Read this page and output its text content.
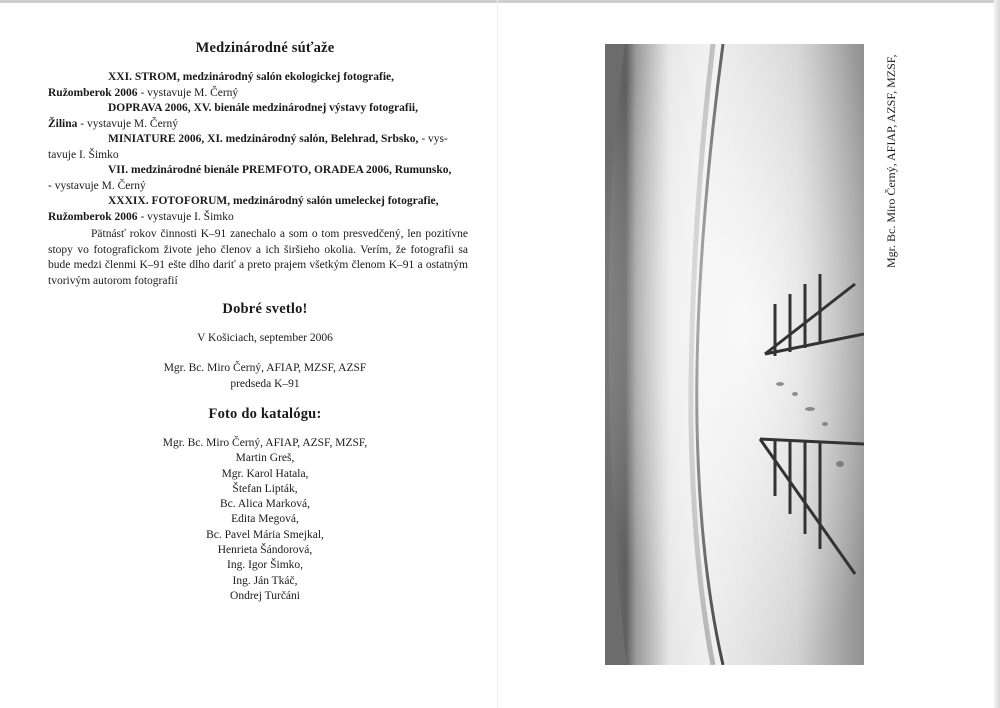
Medzinárodné súťaže

XXI. STROM, medzinárodný salón ekologickej fotografie,

Ružomberok 2006 - vystavuje M. Černý

DOPRAVA 2006, XV. bienále medzinárodnej výstavy fotografii,

Žilina - vystavuje M. Černý

MINIATURE 2006, XI. medzinárodný salón, Belehrad, Srbsko, - vys-

tavuje I. Šimko

VII. medzinárodné bienále PREMFOTO, ORADEA 2006, Rumunsko,

- vystavuje M. Černý

XXXIX. FOTOFORUM, medzinárodný salón umeleckej fotografie,

Ružomberok 2006 - vystavuje I. Šimko

Pätnásť rokov činnosti K–91 zanechalo a som o tom presvedčený, len pozitívne stopy vo fotografickom živote jeho členov a ich širšieho okolia. Verím, že fotografii sa bude medzi členmi K–91 ešte dlho dariť a preto prajem všetkým členom K–91 a ostatným tvorivým autorom fotografií

Dobré svetlo!

V Košiciach, september 2006

Mgr. Bc. Miro Černý, AFIAP, MZSF, AZSF

predseda K–91

Foto do katalógu:

Mgr. Bc. Miro Černý, AFIAP, AZSF, MZSF,

Martin Greš,

Mgr. Karol Hatala,

Štefan Lipták,

Bc. Alica Marková,

Edita Megová,

Bc. Pavel Mária Smejkal,

Henrieta Šándorová,

Ing. Igor Šimko,

Ing. Ján Tkáč,

Ondrej Turčáni

Mgr. Bc. Miro Černý, AFIAP, AZSF, MZSF,
